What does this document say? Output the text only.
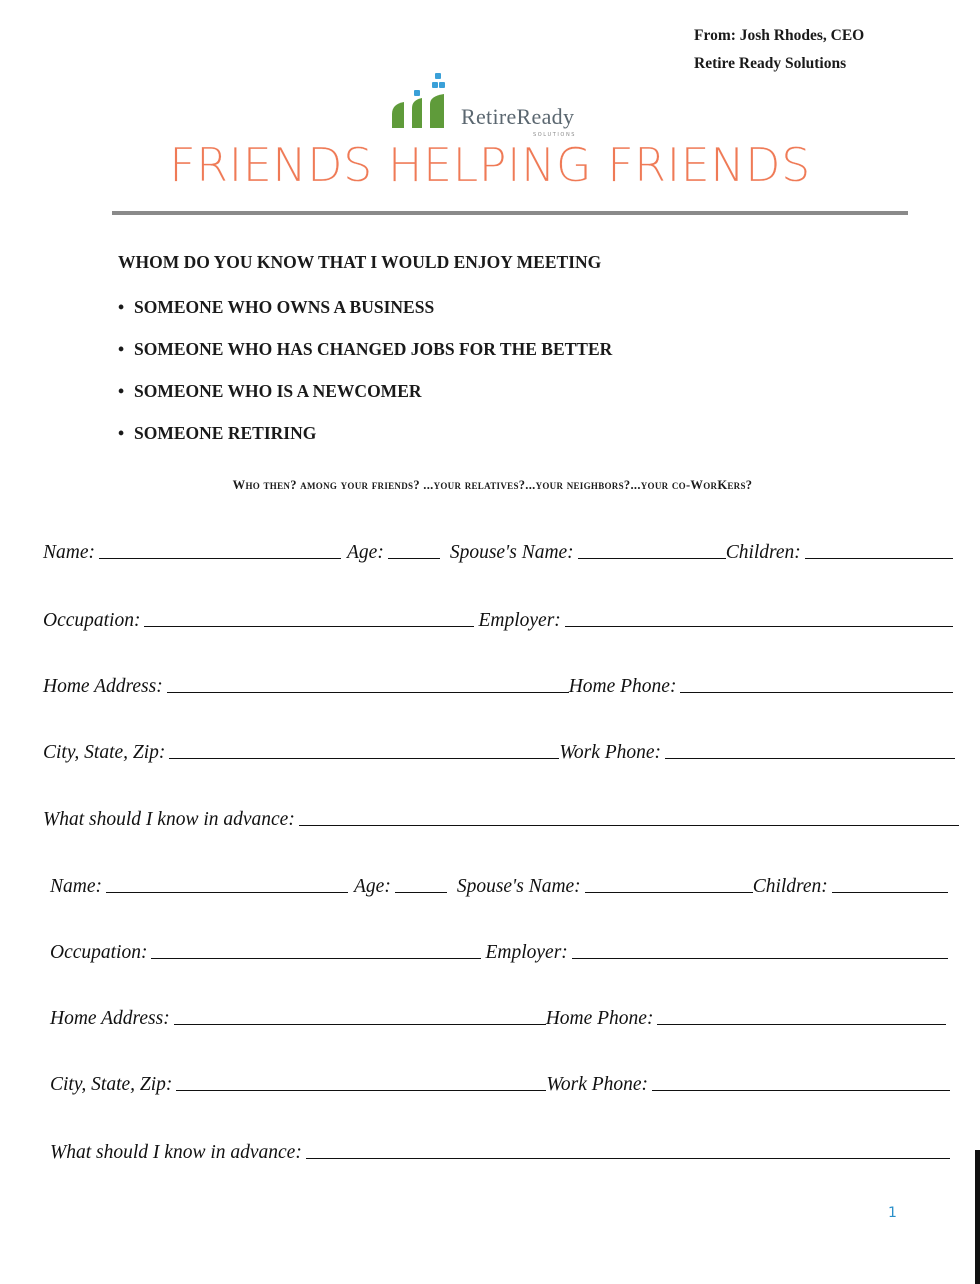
From: Josh Rhodes, CEO
Retire Ready Solutions
RetireReady
SOLUTIONS
FRIENDS HELPING FRIENDS
WHOM DO YOU KNOW THAT I WOULD ENJOY MEETING
• SOMEONE WHO OWNS A BUSINESS
• SOMEONE WHO HAS CHANGED JOBS FOR THE BETTER
• SOMEONE WHO IS A NEWCOMER
• SOMEONE RETIRING
Who then? among your friends? ...your relatives?...your neighbors?...your co-WorKers?
Name:	Age:	Spouse's Name:	Children:
Occupation:	Employer:
Home Address:	Home Phone:
City, State, Zip:	Work Phone:
What should I know in advance:
Name:	Age:	Spouse's Name:	Children:
Occupation:	Employer:
Home Address:	Home Phone:
City, State, Zip:	Work Phone:
What should I know in advance:
1
